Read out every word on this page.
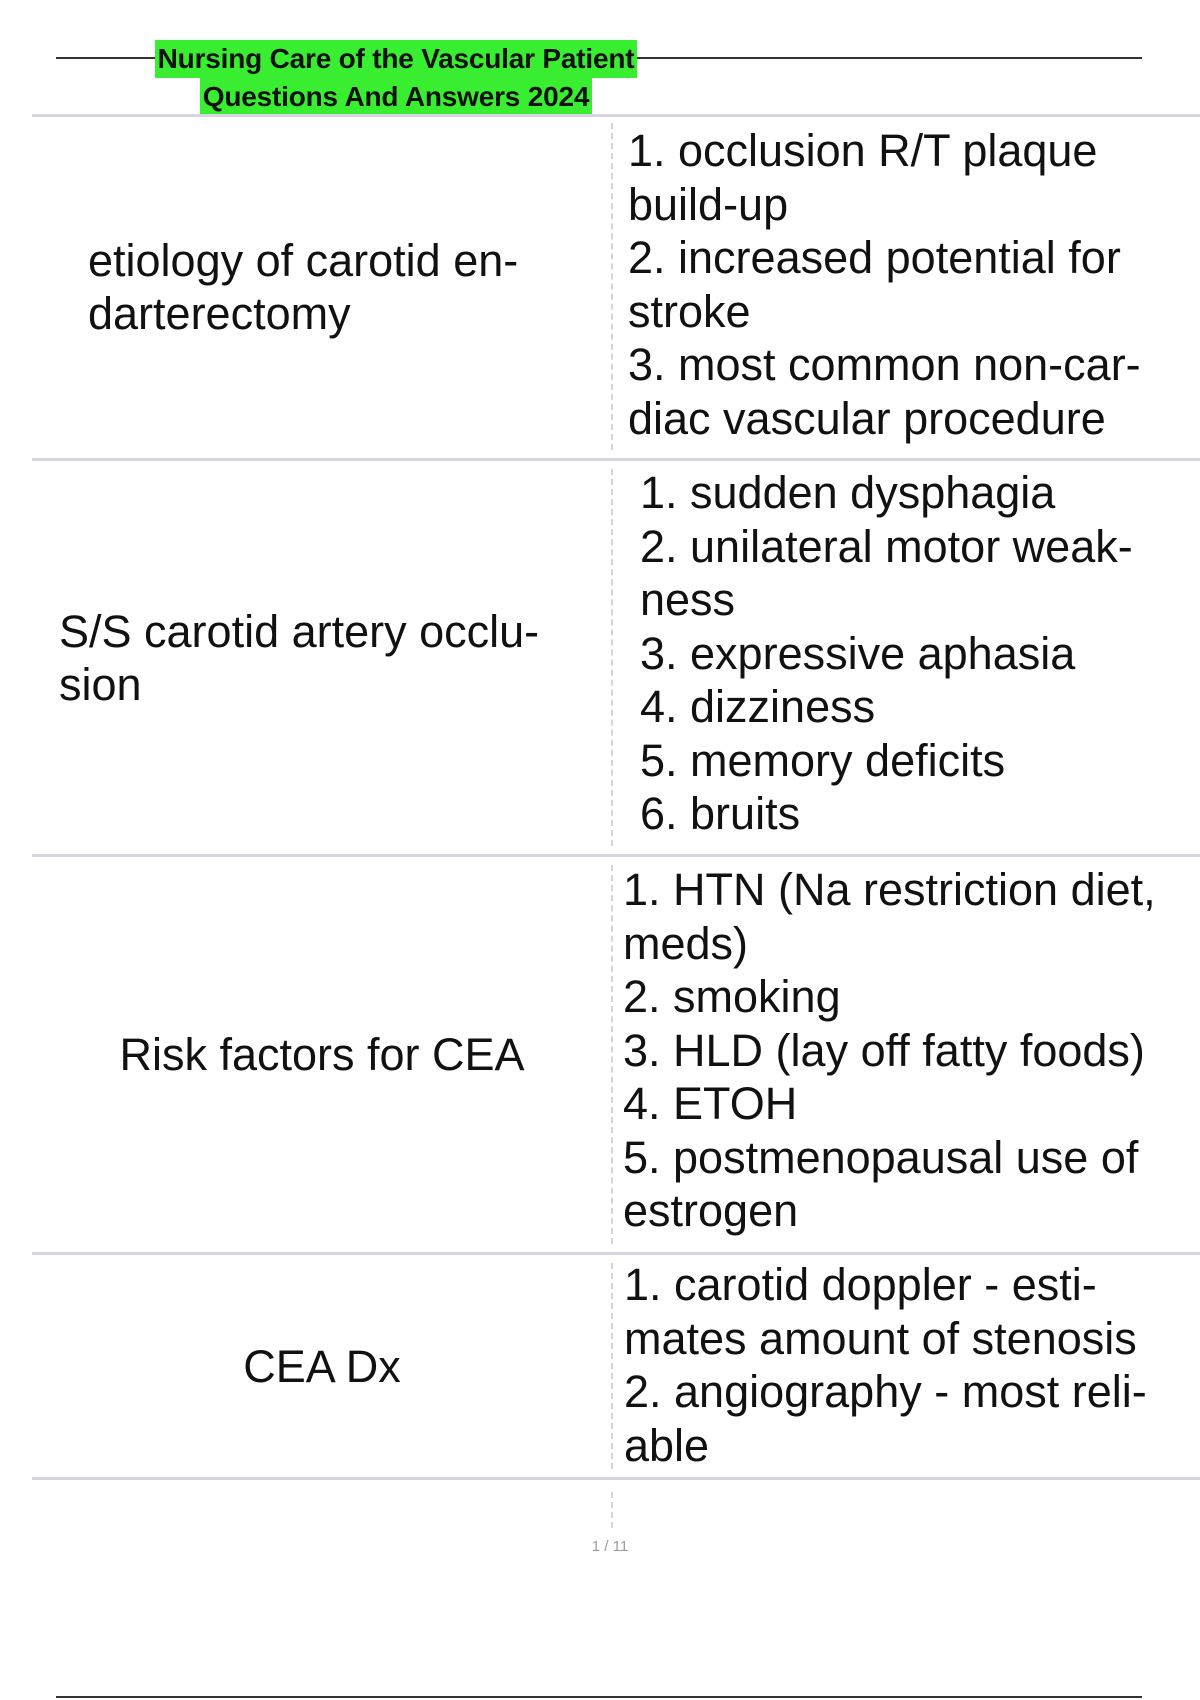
Nursing Care of the Vascular Patient
Questions And Answers 2024
etiology of carotid en-
darterectomy
1. occlusion R/T plaque
build-up
2. increased potential for
stroke
3. most common non-car-
diac vascular procedure
S/S carotid artery occlu-
sion
1. sudden dysphagia
2. unilateral motor weak-
ness
3. expressive aphasia
4. dizziness
5. memory deficits
6. bruits
Risk factors for CEA
1. HTN (Na restriction diet,
meds)
2. smoking
3. HLD (lay off fatty foods)
4. ETOH
5. postmenopausal use of
estrogen
CEA Dx
1. carotid doppler - esti-
mates amount of stenosis
2. angiography - most reli-
able
1 / 11
